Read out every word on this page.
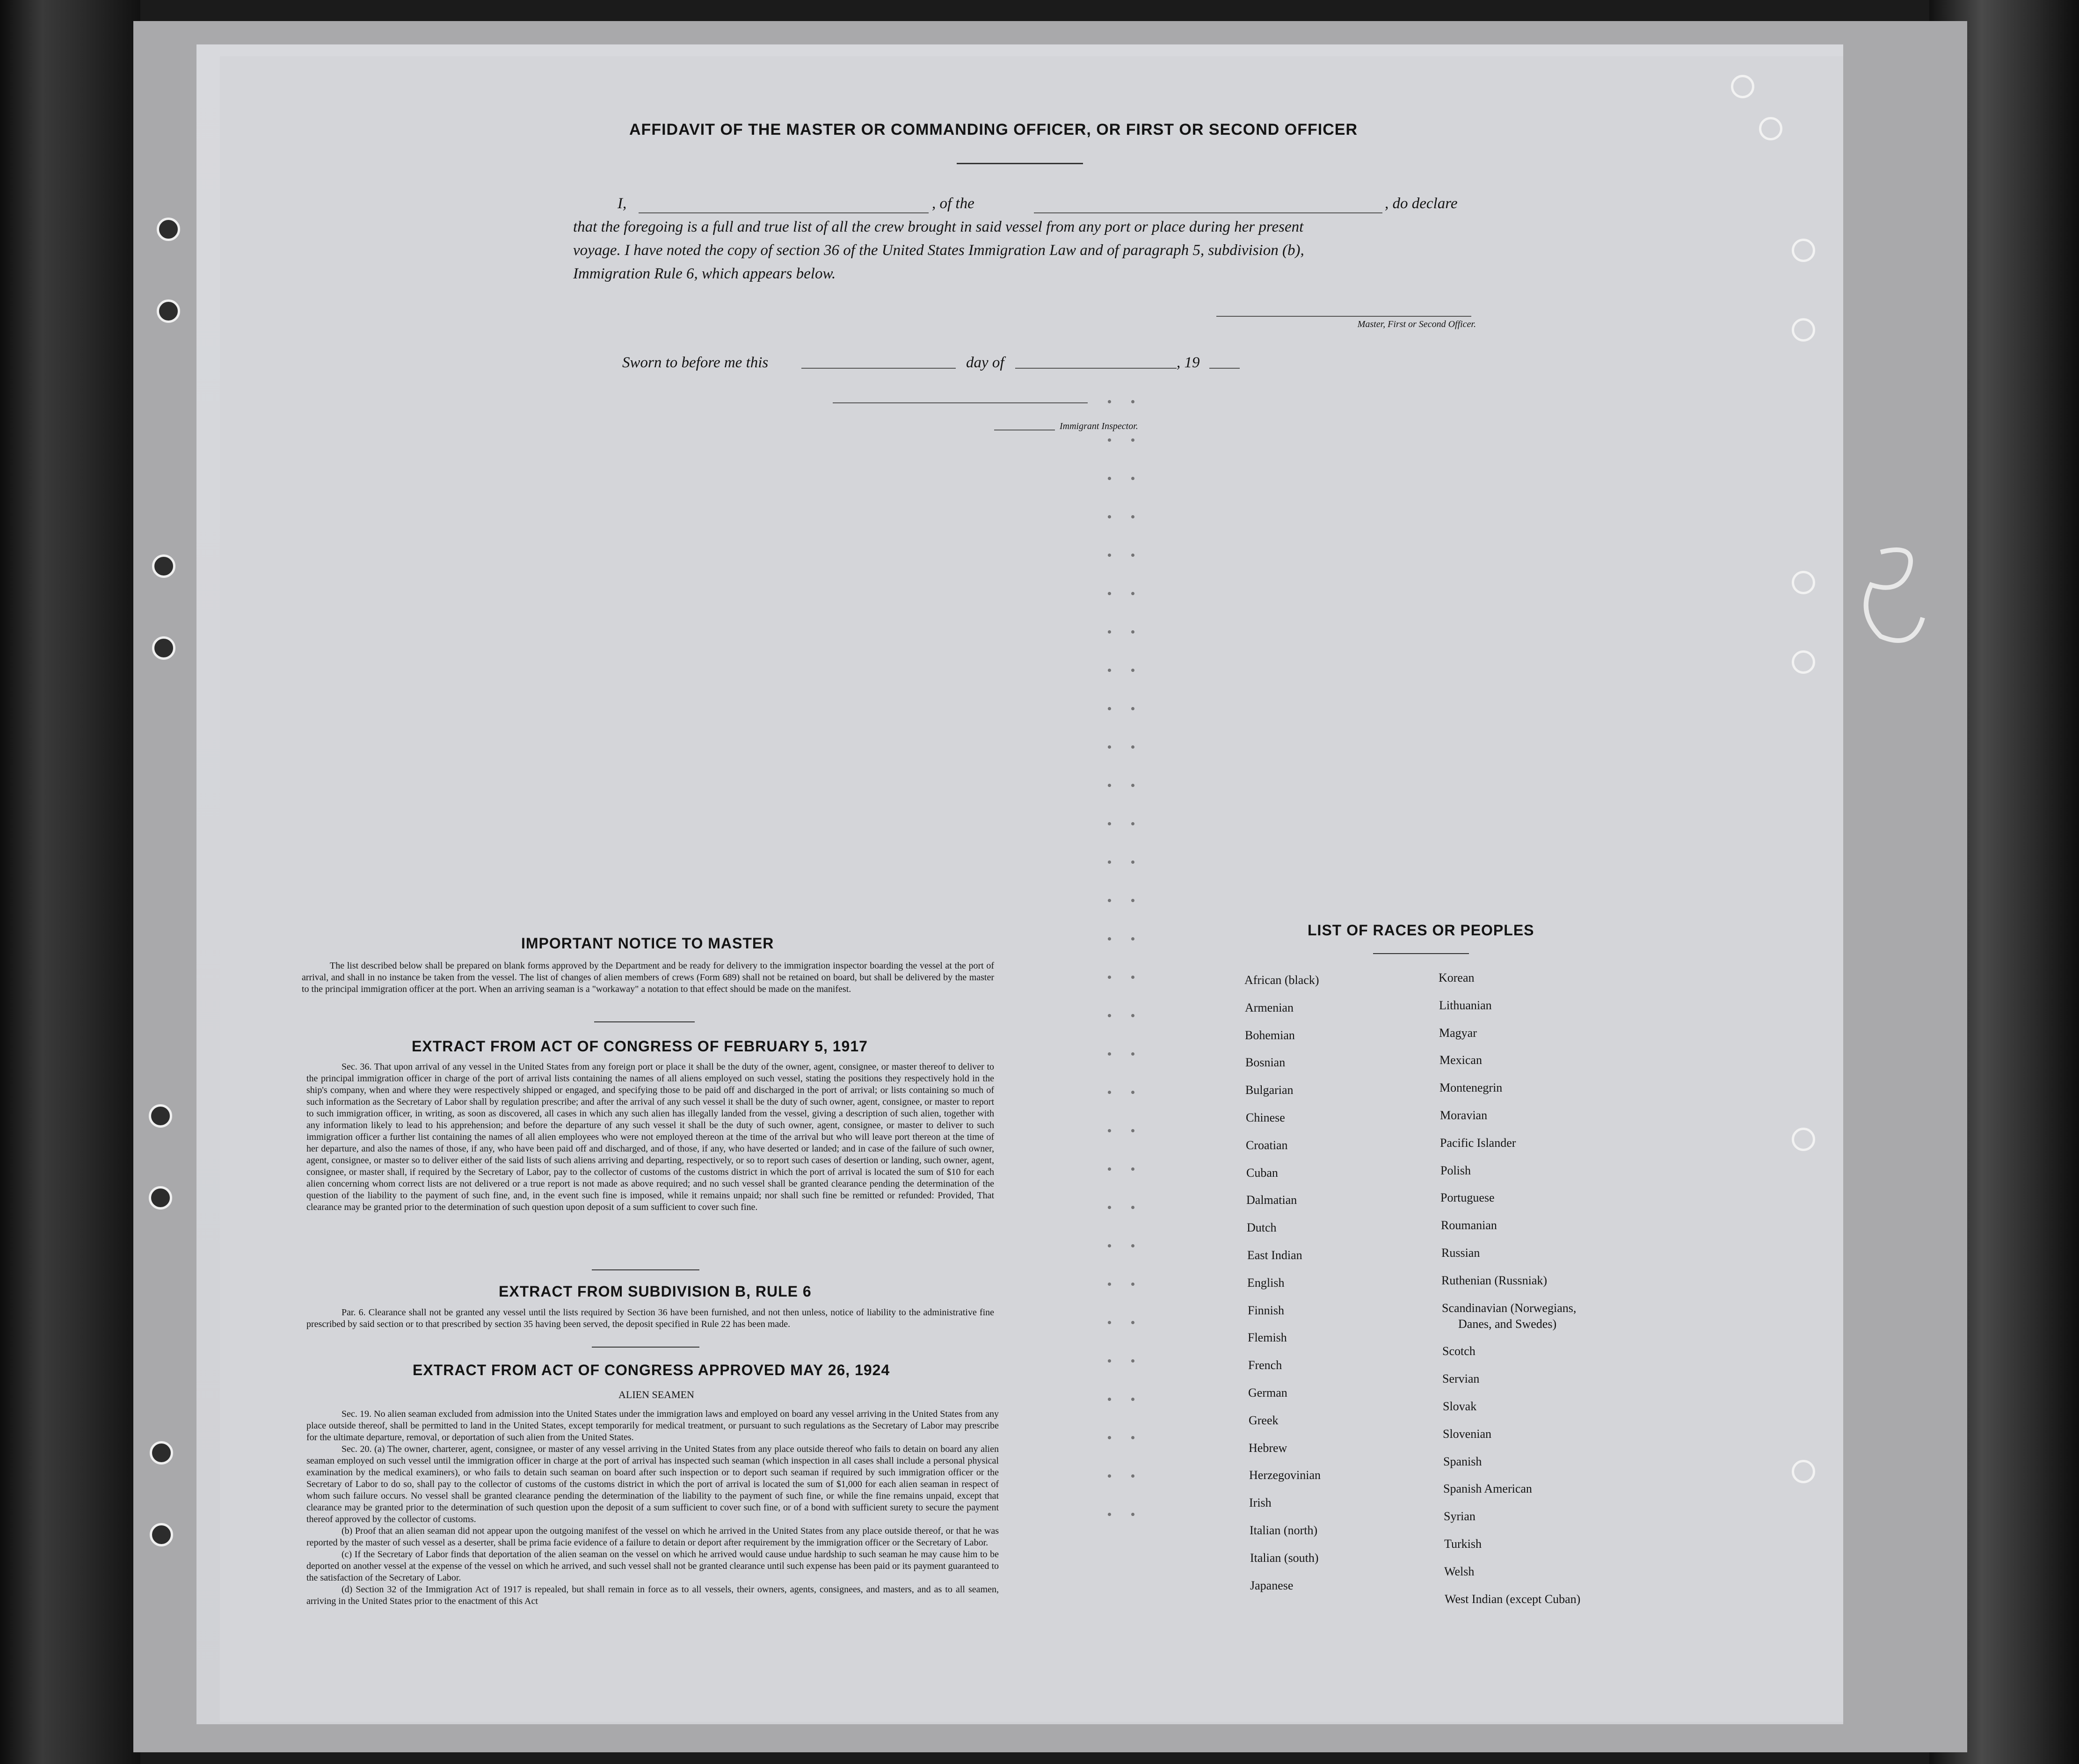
AFFIDAVIT OF THE MASTER OR COMMANDING OFFICER, OR FIRST OR SECOND OFFICER
I,	, of the	, do declare
that the foregoing is a full and true list of all the crew brought in said vessel from any port or place during her present
voyage. I have noted the copy of section 36 of the United States Immigration Law and of paragraph 5, subdivision (b),
Immigration Rule 6, which appears below.
Master, First or Second Officer.
Sworn to before me this	day of	, 19
Immigrant Inspector.
IMPORTANT NOTICE TO MASTER
The list described below shall be prepared on blank forms approved by the Department and be ready for delivery to the immigration inspector boarding the vessel at the port of arrival, and shall in no instance be taken from the vessel. The list of changes of alien members of crews (Form 689) shall not be retained on board, but shall be delivered by the master to the principal immigration officer at the port. When an arriving seaman is a "workaway" a notation to that effect should be made on the manifest.
EXTRACT FROM ACT OF CONGRESS OF FEBRUARY 5, 1917
Sec. 36. That upon arrival of any vessel in the United States from any foreign port or place it shall be the duty of the owner, agent, consignee, or master thereof to deliver to the principal immigration officer in charge of the port of arrival lists containing the names of all aliens employed on such vessel, stating the positions they respectively hold in the ship's company, when and where they were respectively shipped or engaged, and specifying those to be paid off and discharged in the port of arrival; or lists containing so much of such information as the Secretary of Labor shall by regulation prescribe; and after the arrival of any such vessel it shall be the duty of such owner, agent, consignee, or master to report to such immigration officer, in writing, as soon as discovered, all cases in which any such alien has illegally landed from the vessel, giving a description of such alien, together with any information likely to lead to his apprehension; and before the departure of any such vessel it shall be the duty of such owner, agent, consignee, or master to deliver to such immigration officer a further list containing the names of all alien employees who were not employed thereon at the time of the arrival but who will leave port thereon at the time of her departure, and also the names of those, if any, who have been paid off and discharged, and of those, if any, who have deserted or landed; and in case of the failure of such owner, agent, consignee, or master so to deliver either of the said lists of such aliens arriving and departing, respectively, or so to report such cases of desertion or landing, such owner, agent, consignee, or master shall, if required by the Secretary of Labor, pay to the collector of customs of the customs district in which the port of arrival is located the sum of $10 for each alien concerning whom correct lists are not delivered or a true report is not made as above required; and no such vessel shall be granted clearance pending the determination of the question of the liability to the payment of such fine, and, in the event such fine is imposed, while it remains unpaid; nor shall such fine be remitted or refunded: Provided, That clearance may be granted prior to the determination of such question upon deposit of a sum sufficient to cover such fine.
EXTRACT FROM SUBDIVISION B, RULE 6
Par. 6. Clearance shall not be granted any vessel until the lists required by Section 36 have been furnished, and not then unless, notice of liability to the administrative fine prescribed by said section or to that prescribed by section 35 having been served, the deposit specified in Rule 22 has been made.
EXTRACT FROM ACT OF CONGRESS APPROVED MAY 26, 1924
ALIEN SEAMEN
Sec. 19. No alien seaman excluded from admission into the United States under the immigration laws and employed on board any vessel arriving in the United States from any place outside thereof, shall be permitted to land in the United States, except temporarily for medical treatment, or pursuant to such regulations as the Secretary of Labor may prescribe for the ultimate departure, removal, or deportation of such alien from the United States.
Sec. 20. (a) The owner, charterer, agent, consignee, or master of any vessel arriving in the United States from any place outside thereof who fails to detain on board any alien seaman employed on such vessel until the immigration officer in charge at the port of arrival has inspected such seaman (which inspection in all cases shall include a personal physical examination by the medical examiners), or who fails to detain such seaman on board after such inspection or to deport such seaman if required by such immigration officer or the Secretary of Labor to do so, shall pay to the collector of customs of the customs district in which the port of arrival is located the sum of $1,000 for each alien seaman in respect of whom such failure occurs. No vessel shall be granted clearance pending the determination of the liability to the payment of such fine, or while the fine remains unpaid, except that clearance may be granted prior to the determination of such question upon the deposit of a sum sufficient to cover such fine, or of a bond with sufficient surety to secure the payment thereof approved by the collector of customs.
(b) Proof that an alien seaman did not appear upon the outgoing manifest of the vessel on which he arrived in the United States from any place outside thereof, or that he was reported by the master of such vessel as a deserter, shall be prima facie evidence of a failure to detain or deport after requirement by the immigration officer or the Secretary of Labor.
(c) If the Secretary of Labor finds that deportation of the alien seaman on the vessel on which he arrived would cause undue hardship to such seaman he may cause him to be deported on another vessel at the expense of the vessel on which he arrived, and such vessel shall not be granted clearance until such expense has been paid or its payment guaranteed to the satisfaction of the Secretary of Labor.
(d) Section 32 of the Immigration Act of 1917 is repealed, but shall remain in force as to all vessels, their owners, agents, consignees, and masters, and as to all seamen, arriving in the United States prior to the enactment of this Act
LIST OF RACES OR PEOPLES
African (black)
Armenian
Bohemian
Bosnian
Bulgarian
Chinese
Croatian
Cuban
Dalmatian
Dutch
East Indian
English
Finnish
Flemish
French
German
Greek
Hebrew
Herzegovinian
Irish
Italian (north)
Italian (south)
Japanese
Korean
Lithuanian
Magyar
Mexican
Montenegrin
Moravian
Pacific Islander
Polish
Portuguese
Roumanian
Russian
Ruthenian (Russniak)
Scandinavian (Norwegians,
Danes, and Swedes)
Scotch
Servian
Slovak
Slovenian
Spanish
Spanish American
Syrian
Turkish
Welsh
West Indian (except Cuban)
